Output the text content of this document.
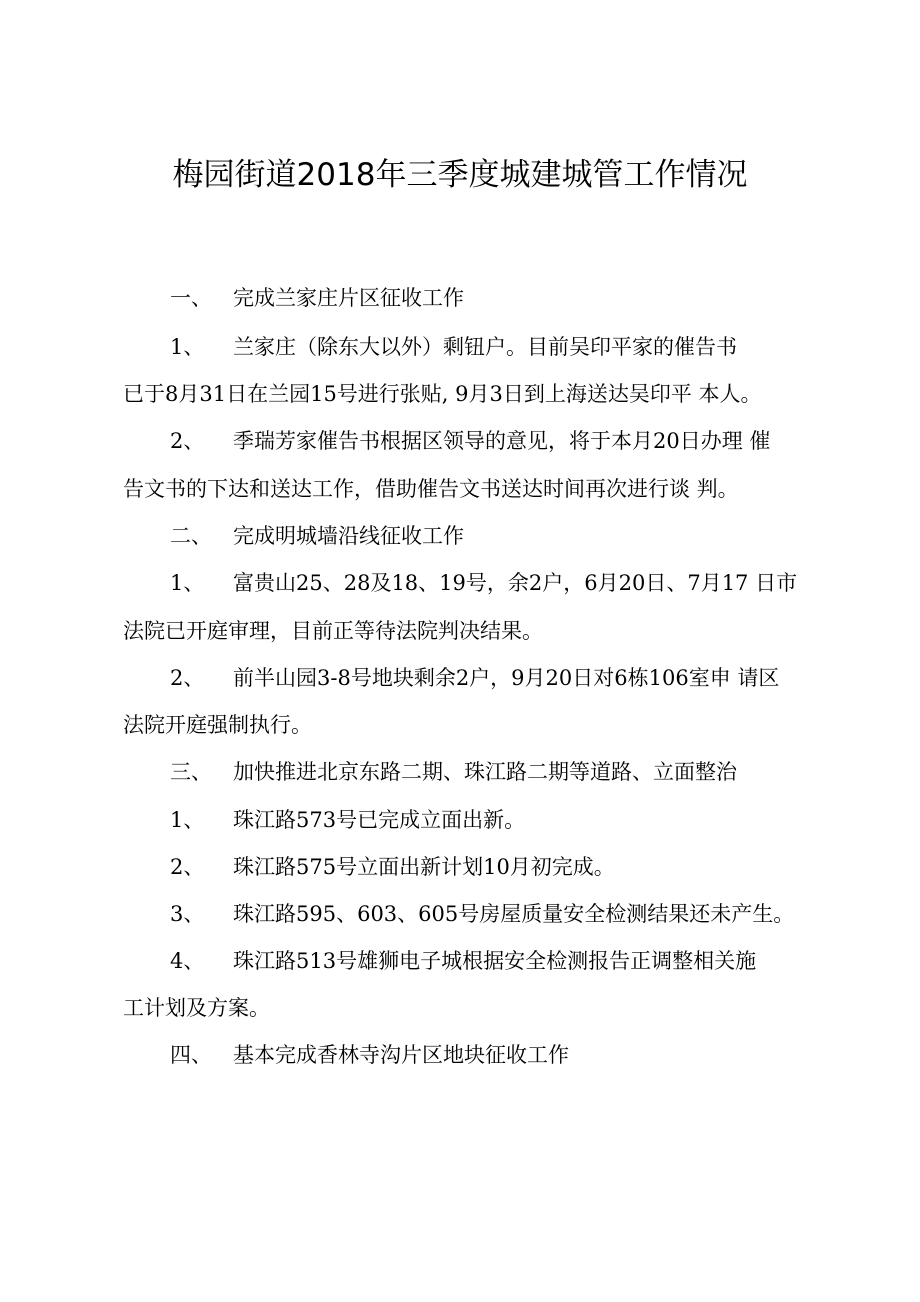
梅园街道2018年三季度城建城管工作情况
一、 完成兰家庄片区征收工作
1、 兰家庄（除东大以外）剩钮户。目前吴印平家的催告书
已于8月31日在兰园15号进行张贴, 9月3日到上海送达吴印平 本人。
2、 季瑞芳家催告书根据区领导的意见，将于本月20日办理 催
告文书的下达和送达工作，借助催告文书送达时间再次进行谈 判。
二、 完成明城墙沿线征收工作
1、 富贵山25、28及18、19号，余2户，6月20日、7月17 日市
法院已开庭审理，目前正等待法院判决结果。
2、 前半山园3-8号地块剩余2户，9月20日对6栋106室申 请区
法院开庭强制执行。
三、 加快推进北京东路二期、珠江路二期等道路、立面整治
1、 珠江路573号已完成立面出新。
2、 珠江路575号立面出新计划10月初完成。
3、 珠江路595、603、605号房屋质量安全检测结果还未产生。
4、 珠江路513号雄狮电子城根据安全检测报告正调整相关施
工计划及方案。
四、 基本完成香林寺沟片区地块征收工作
